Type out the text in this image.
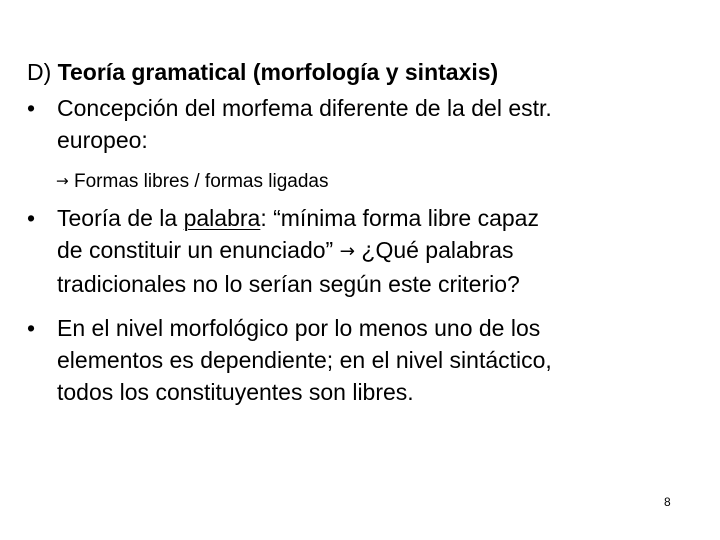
D) Teoría gramatical (morfología y sintaxis)
• Concepción del morfema diferente de la del estr.
europeo:
→ Formas libres / formas ligadas
• Teoría de la palabra: “mínima forma libre capaz
de constituir un enunciado” → ¿Qué palabras
tradicionales no lo serían según este criterio?
• En el nivel morfológico por lo menos uno de los
elementos es dependiente; en el nivel sintáctico,
todos los constituyentes son libres.
8
